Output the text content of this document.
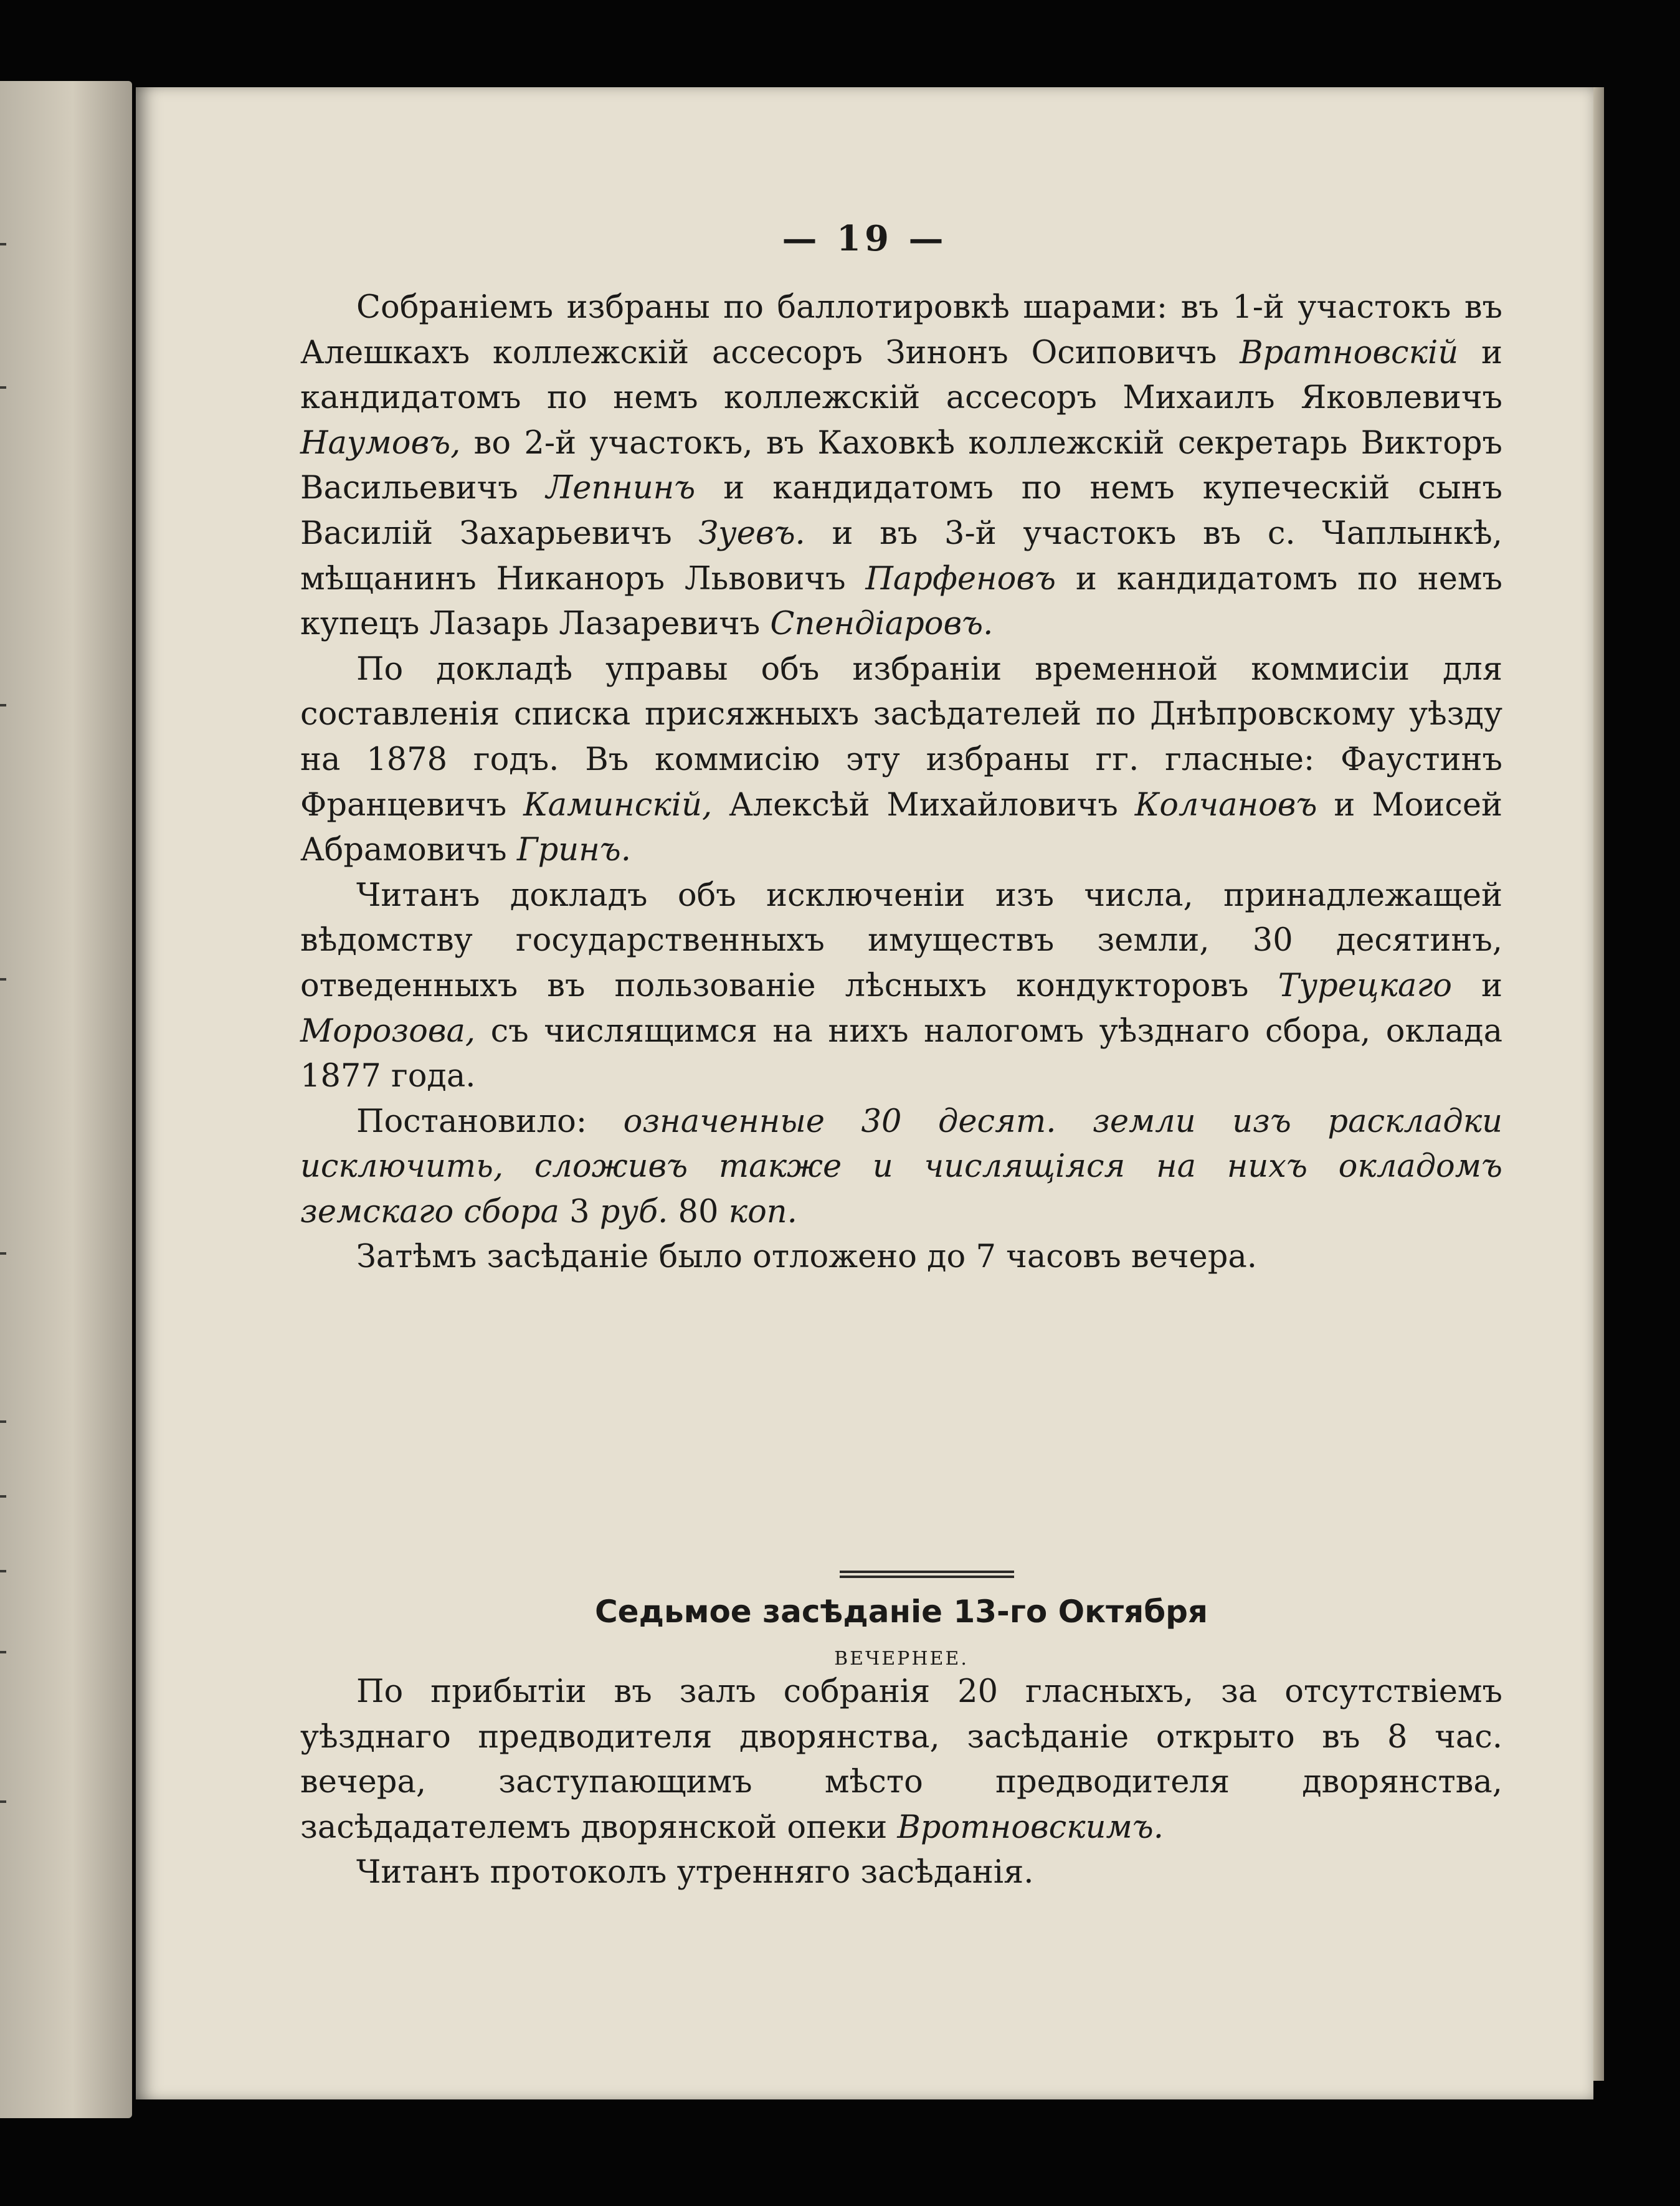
— 19 —

Собраніемъ избраны по баллотировкѣ шарами: въ 1-й участокъ въ Алешкахъ коллежскій ассесоръ Зинонъ Осиповичъ Вратновскій и кандидатомъ по немъ коллежскій ассесоръ Михаилъ Яковлевичъ Наумовъ, во 2-й участокъ, въ Каховкѣ коллежскій секретарь Викторъ Васильевичъ Лепнинъ и кандидатомъ по немъ купеческій сынъ Василій Захарьевичъ Зуевъ. и въ 3-й участокъ въ с. Чаплынкѣ, мѣщанинъ Никаноръ Львовичъ Парфеновъ и кандидатомъ по немъ купецъ Лазарь Лазаревичъ Спендіаровъ.

По докладѣ управы объ избраніи временной коммисіи для составленія списка присяжныхъ засѣдателей по Днѣпровскому уѣзду на 1878 годъ. Въ коммисію эту избраны гг. гласные: Фаустинъ Францевичъ Каминскій, Алексѣй Михайловичъ Колчановъ и Моисей Абрамовичъ Гринъ.

Читанъ докладъ объ исключеніи изъ числа, принадлежащей вѣдомству государственныхъ имуществъ земли, 30 десятинъ, отведенныхъ въ пользованіе лѣсныхъ кондукторовъ Турецкаго и Морозова, съ числящимся на нихъ налогомъ уѣзднаго сбора, оклада 1877 года.

Постановило: означенные 30 десят. земли изъ раскладки исключить, сложивъ также и числящіяся на нихъ окладомъ земскаго сбора 3 руб. 80 коп.

Затѣмъ засѣданіе было отложено до 7 часовъ вечера.

Седьмое засѣданіе 13-го Октября
ВЕЧЕРНЕЕ.

По прибытіи въ залъ собранія 20 гласныхъ, за отсутствіемъ уѣзднаго предводителя дворянства, засѣданіе открыто въ 8 час. вечера, заступающимъ мѣсто предводителя дворянства, засѣдадателемъ дворянской опеки Вротновскимъ.

Читанъ протоколъ утренняго засѣданія.
